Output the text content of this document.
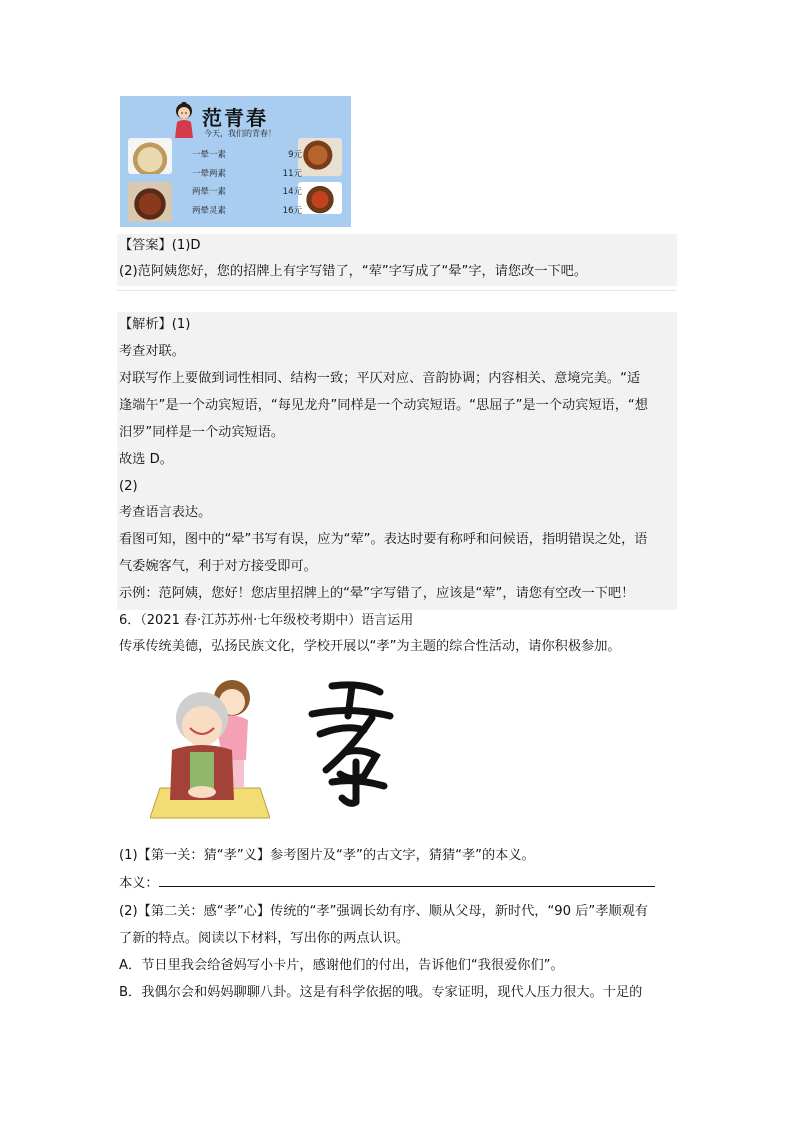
范青春
今天，我们的青春！
一晕一素	9元
一晕两素	11元
两晕一素	14元
两晕灵素	16元
【答案】(1)D
(2)范阿姨您好，您的招牌上有字写错了，“荤”字写成了“晕”字，请您改一下吧。
【解析】(1)
考查对联。
对联写作上要做到词性相同、结构一致；平仄对应、音韵协调；内容相关、意境完美。“适
逢端午”是一个动宾短语，“每见龙舟”同样是一个动宾短语。“思屈子”是一个动宾短语，“想
汨罗”同样是一个动宾短语。
故选 D。
(2)
考查语言表达。
看图可知，图中的“晕”书写有误，应为“荤”。表达时要有称呼和问候语，指明错误之处，语
气委婉客气，利于对方接受即可。
示例：范阿姨，您好！您店里招牌上的“晕”字写错了，应该是“荤”，请您有空改一下吧！
6．（2021 春·江苏苏州·七年级校考期中）语言运用
传承传统美德，弘扬民族文化，学校开展以“孝”为主题的综合性活动，请你积极参加。
(1)【第一关：猜“孝”义】参考图片及“孝”的古文字，猜猜“孝”的本义。
本义：
(2)【第二关：感“孝”心】传统的“孝”强调长幼有序、顺从父母，新时代，“90 后”孝顺观有
了新的特点。阅读以下材料，写出你的两点认识。
A．节日里我会给爸妈写小卡片，感谢他们的付出，告诉他们“我很爱你们”。
B．我偶尔会和妈妈聊聊八卦。这是有科学依据的哦。专家证明，现代人压力很大。十足的
